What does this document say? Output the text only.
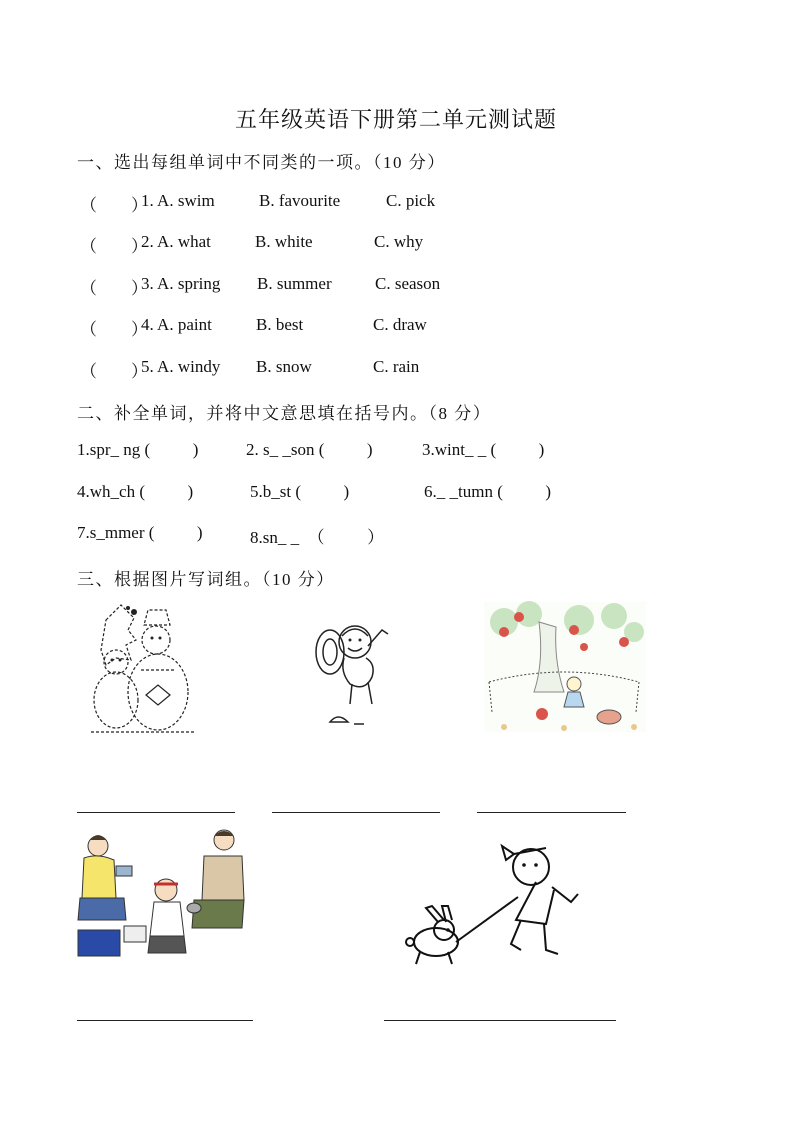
五年级英语下册第二单元测试题
一、选出每组单词中不同类的一项。（10 分）
（　　）
1. A. swim	B. favourite	C. pick
（　　）
2. A. what	B. white	C. why
（　　）
3. A. spring B. summer	C. season
（　　）
4. A. paint	B. best	C. draw
（　　）
5. A. windy B. snow	C. rain
二、补全单词，并将中文意思填在括号内。（8 分）
1.spr_ ng (          )	2. s_ _son (          )	3.wint_ _ (          )
4.wh_ch (          )	5.b_st (          )	6._ _tumn (          )
7.s_mmer (          )	8.sn_ _  （          ）
三、根据图片写词组。（10 分）
